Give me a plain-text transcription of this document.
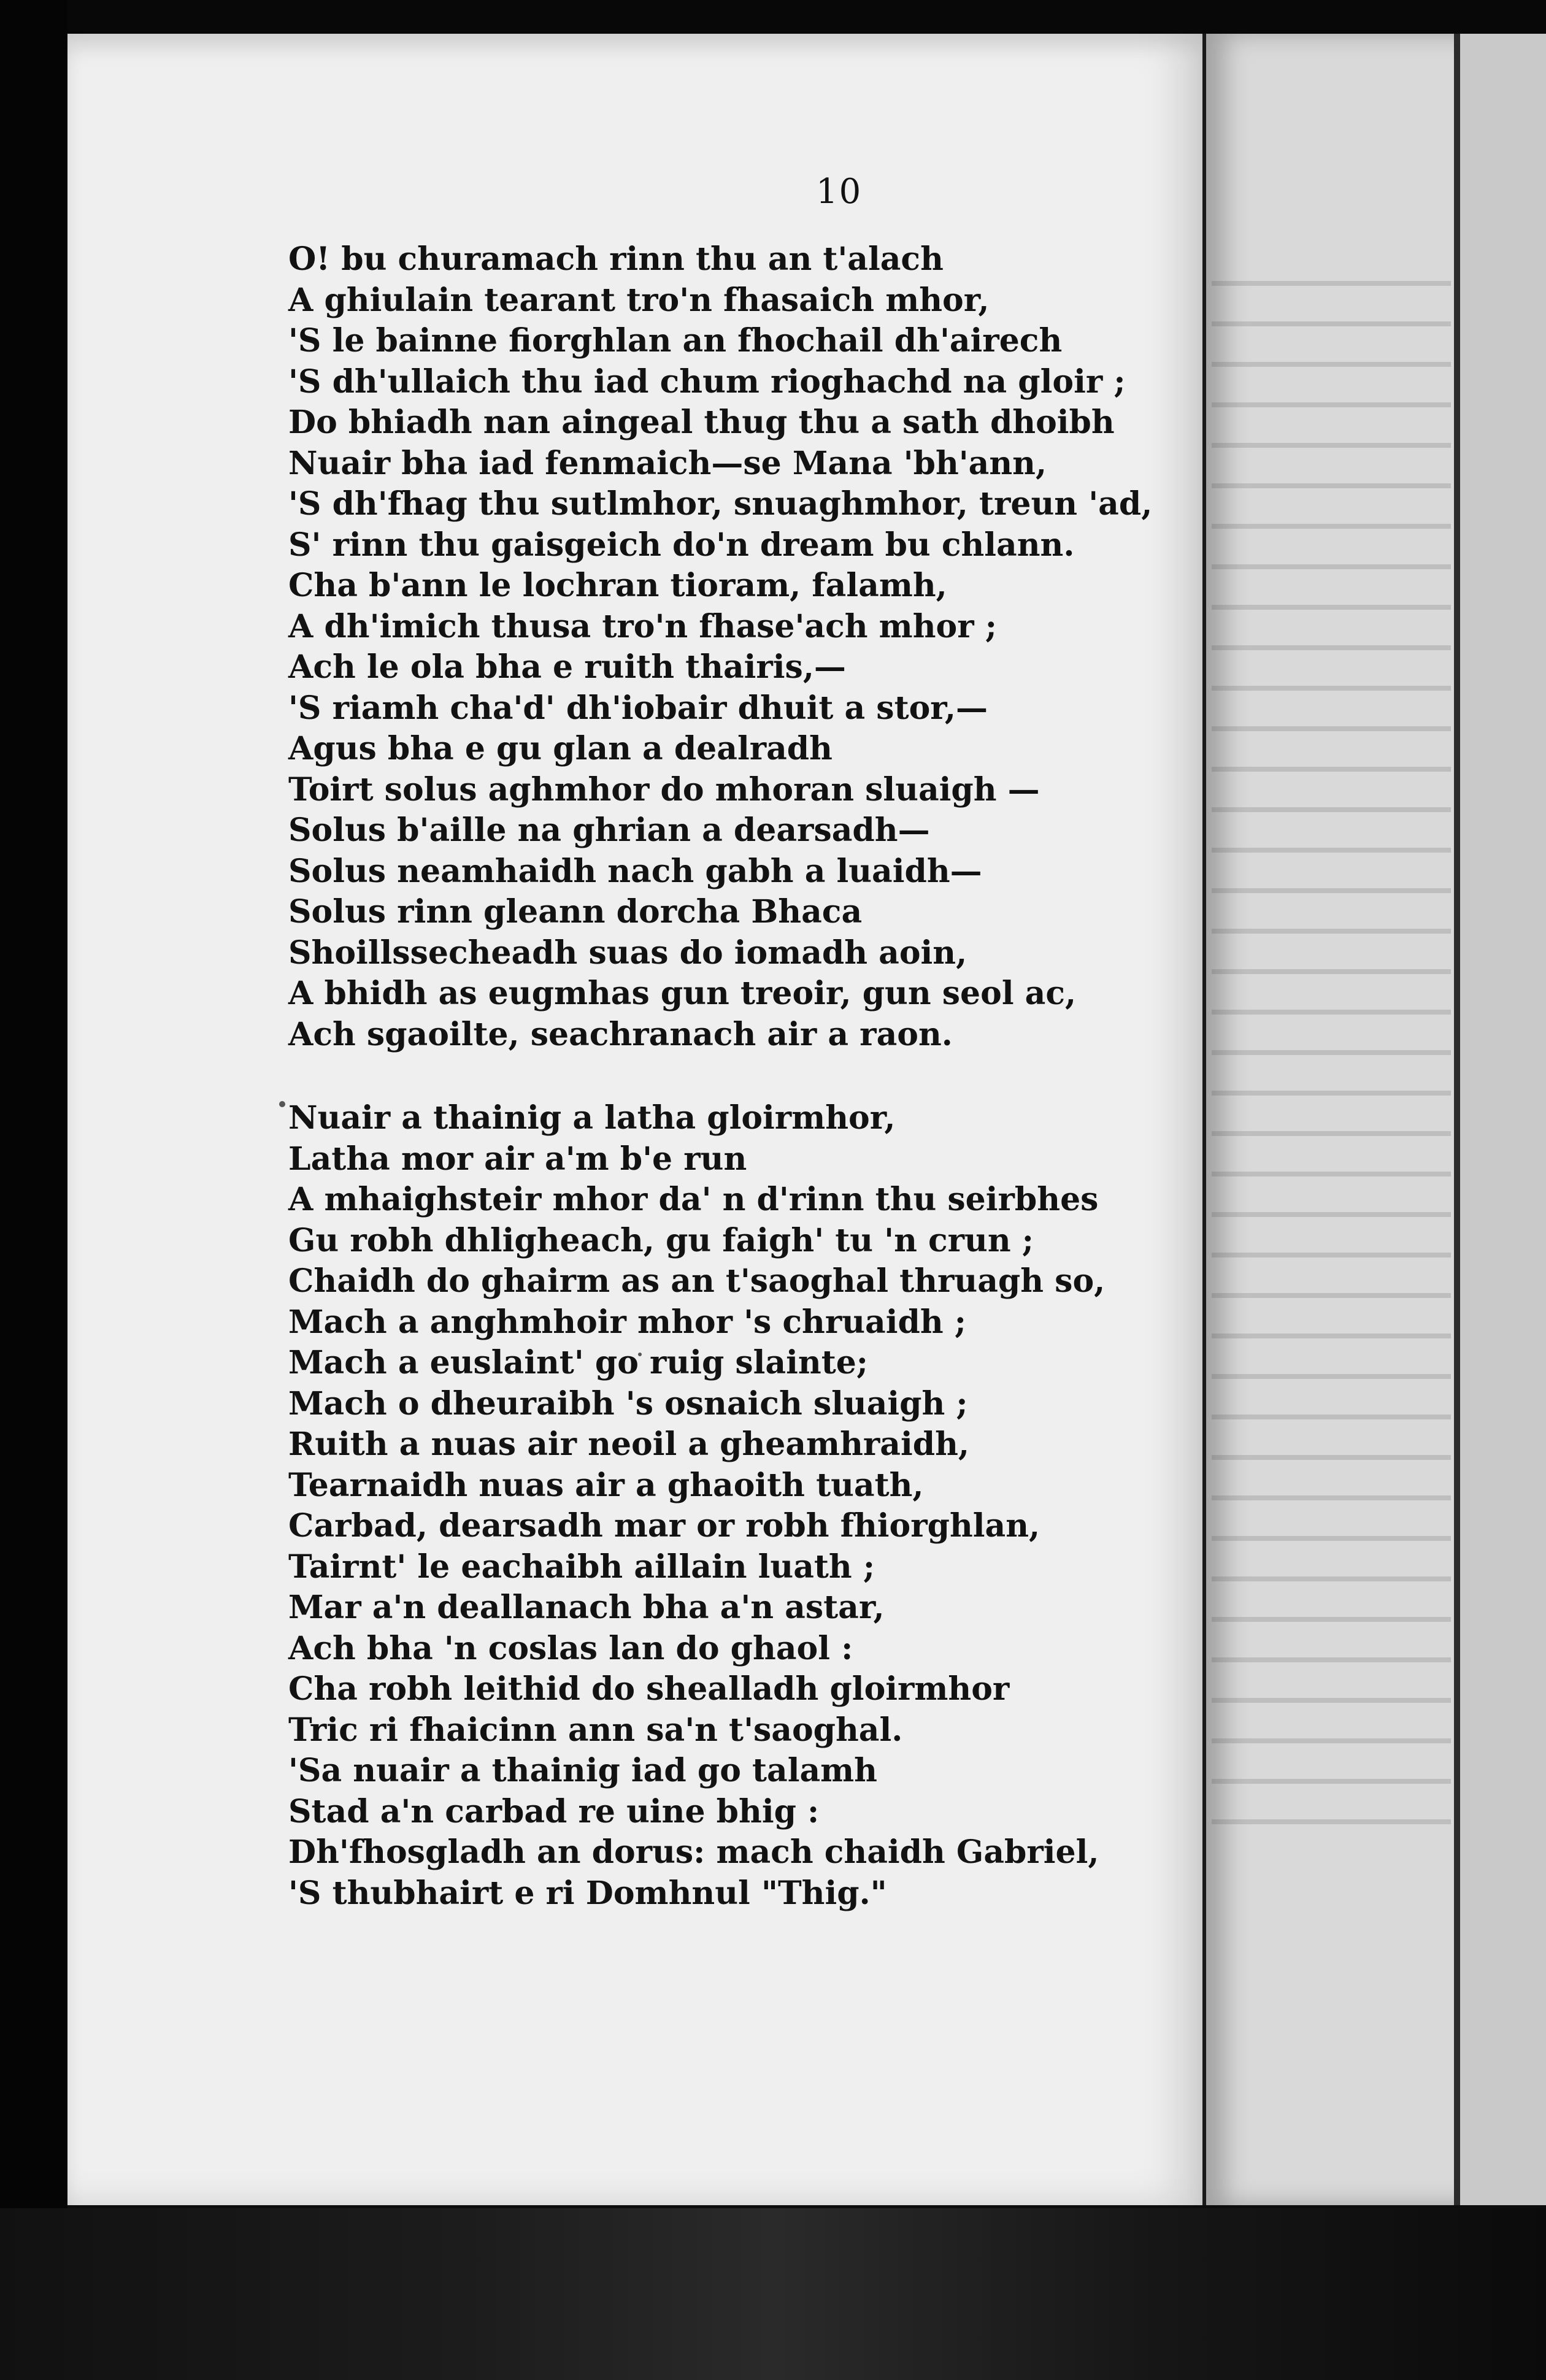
10
O! bu churamach rinn thu an t'alach
A ghiulain tearant tro'n fhasaich mhor,
'S le bainne fiorghlan an fhochail dh'airech
'S dh'ullaich thu iad chum rioghachd na gloir ;
Do bhiadh nan aingeal thug thu a sath dhoibh
Nuair bha iad fenmaich—se Mana 'bh'ann,
'S dh'fhag thu sutlmhor, snuaghmhor, treun 'ad,
S' rinn thu gaisgeich do'n dream bu chlann.
Cha b'ann le lochran tioram, falamh,
A dh'imich thusa tro'n fhase'ach mhor ;
Ach le ola bha e ruith thairis,—
'S riamh cha'd' dh'iobair dhuit a stor,—
Agus bha e gu glan a dealradh
Toirt solus aghmhor do mhoran sluaigh —
Solus b'aille na ghrian a dearsadh—
Solus neamhaidh nach gabh a luaidh—
Solus rinn gleann dorcha Bhaca
Shoillssecheadh suas do iomadh aoin,
A bhidh as eugmhas gun treoir, gun seol ac,
Ach sgaoilte, seachranach air a raon.
Nuair a thainig a latha gloirmhor,
Latha mor air a'm b'e run
A mhaighsteir mhor da' n d'rinn thu seirbhes
Gu robh dhligheach, gu faigh' tu 'n crun ;
Chaidh do ghairm as an t'saoghal thruagh so,
Mach a anghmhoir mhor 's chruaidh ;
Mach a euslaint' go ruig slainte;
Mach o dheuraibh 's osnaich sluaigh ;
Ruith a nuas air neoil a gheamhraidh,
Tearnaidh nuas air a ghaoith tuath,
Carbad, dearsadh mar or robh fhiorghlan,
Tairnt' le eachaibh aillain luath ;
Mar a'n deallanach bha a'n astar,
Ach bha 'n coslas lan do ghaol :
Cha robh leithid do shealladh gloirmhor
Tric ri fhaicinn ann sa'n t'saoghal.
'Sa nuair a thainig iad go talamh
Stad a'n carbad re uine bhig :
Dh'fhosgladh an dorus: mach chaidh Gabriel,
'S thubhairt e ri Domhnul "Thig."
